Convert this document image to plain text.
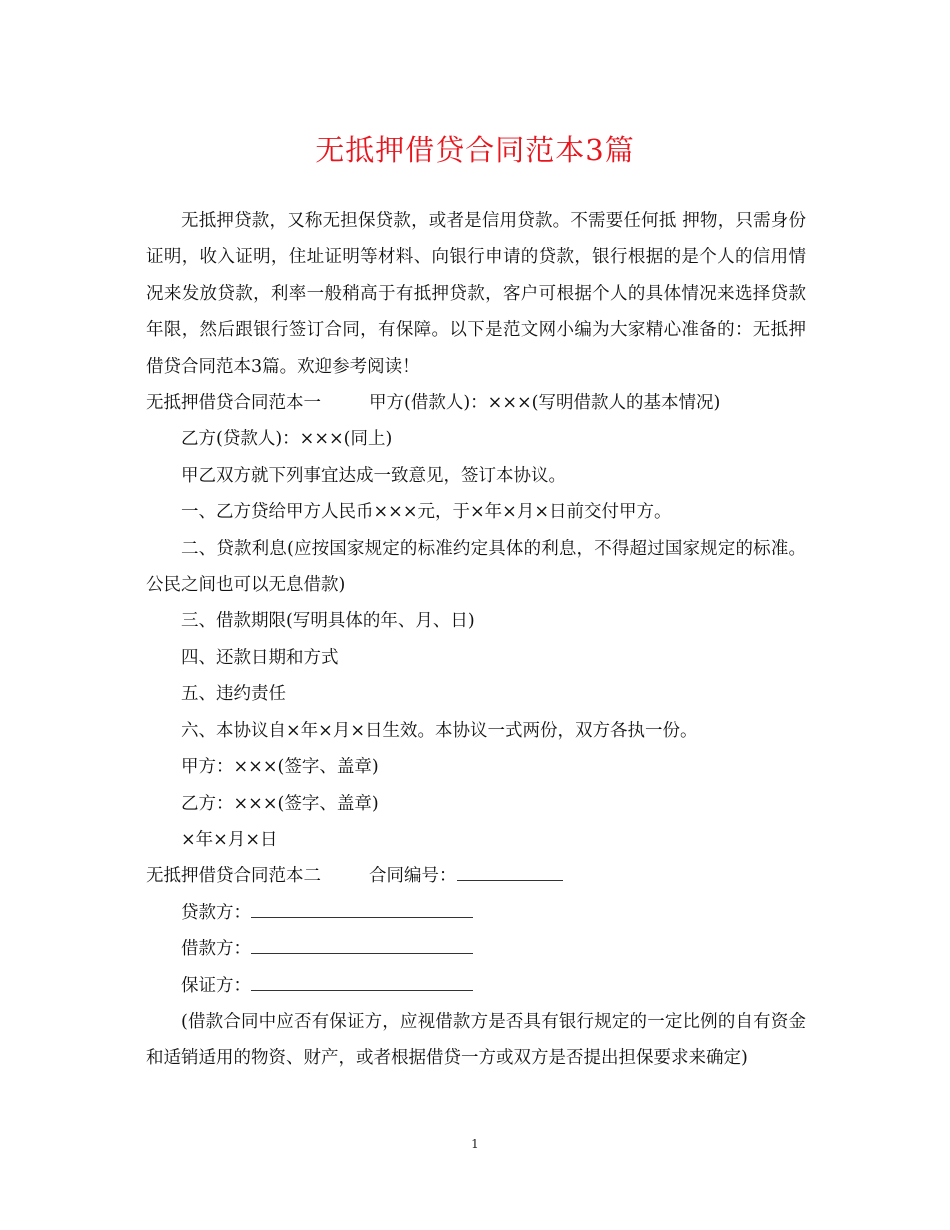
无抵押借贷合同范本3篇

无抵押贷款，又称无担保贷款，或者是信用贷款。不需要任何抵 押物，只需身份证明，收入证明，住址证明等材料、向银行申请的贷款，银行根据的是个人的信用情况来发放贷款，利率一般稍高于有抵押贷款，客户可根据个人的具体情况来选择贷款年限，然后跟银行签订合同，有保障。以下是范文网小编为大家精心准备的：无抵押借贷合同范本3篇。欢迎参考阅读！

无抵押借贷合同范本一	甲方(借款人)：×××(写明借款人的基本情况)

乙方(贷款人)：×××(同上)

甲乙双方就下列事宜达成一致意见，签订本协议。

一、乙方贷给甲方人民币×××元，于×年×月×日前交付甲方。

二、贷款利息(应按国家规定的标准约定具体的利息，不得超过国家规定的标准。公民之间也可以无息借款)

三、借款期限(写明具体的年、月、日)

四、还款日期和方式

五、违约责任

六、本协议自×年×月×日生效。本协议一式两份，双方各执一份。

甲方：×××(签字、盖章)

乙方：×××(签字、盖章)

×年×月×日

无抵押借贷合同范本二	合同编号：

贷款方：

借款方：

保证方：

(借款合同中应否有保证方，应视借款方是否具有银行规定的一定比例的自有资金和适销适用的物资、财产，或者根据借贷一方或双方是否提出担保要求来确定)

1
